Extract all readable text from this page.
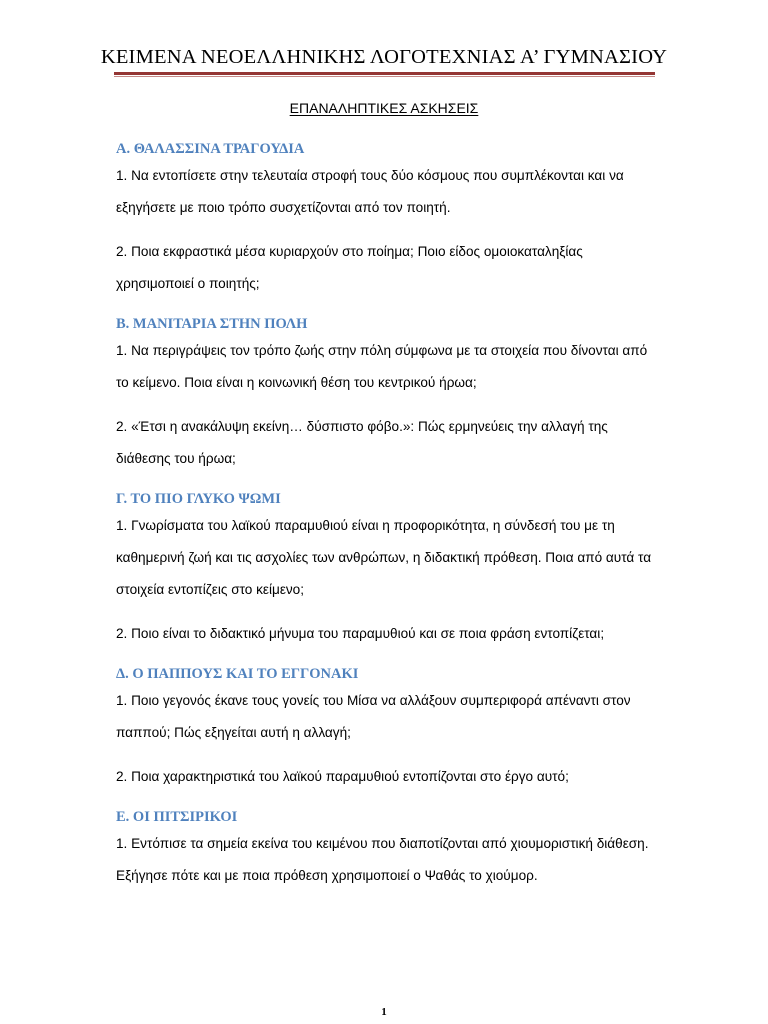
ΚΕΙΜΕΝΑ ΝΕΟΕΛΛΗΝΙΚΗΣ ΛΟΓΟΤΕΧΝΙΑΣ Α’ ΓΥΜΝΑΣΙΟΥ
ΕΠΑΝΑΛΗΠΤΙΚΕΣ ΑΣΚΗΣΕΙΣ
Α. ΘΑΛΑΣΣΙΝΑ ΤΡΑΓΟΥΔΙΑ

1. Να εντοπίσετε στην τελευταία στροφή τους δύο κόσμους που συμπλέκονται και να εξηγήσετε με ποιο τρόπο συσχετίζονται από τον ποιητή.

2. Ποια εκφραστικά μέσα κυριαρχούν στο ποίημα; Ποιο είδος ομοιοκαταληξίας χρησιμοποιεί ο ποιητής;

Β. ΜΑΝΙΤΑΡΙΑ ΣΤΗΝ ΠΟΛΗ

1. Να περιγράψεις τον τρόπο ζωής στην πόλη σύμφωνα με τα στοιχεία που δίνονται από το κείμενο. Ποια είναι η κοινωνική θέση του κεντρικού ήρωα;

2. «Έτσι η ανακάλυψη εκείνη… δύσπιστο φόβο.»: Πώς ερμηνεύεις την αλλαγή της διάθεσης του ήρωα;

Γ. ΤΟ ΠΙΟ ΓΛΥΚΟ ΨΩΜΙ

1. Γνωρίσματα του λαϊκού παραμυθιού είναι η προφορικότητα, η σύνδεσή του με τη καθημερινή ζωή και τις ασχολίες των ανθρώπων, η διδακτική πρόθεση. Ποια από αυτά τα στοιχεία εντοπίζεις στο κείμενο;

2. Ποιο είναι το διδακτικό μήνυμα του παραμυθιού και σε ποια φράση εντοπίζεται;

Δ. Ο ΠΑΠΠΟΥΣ ΚΑΙ ΤΟ ΕΓΓΟΝΑΚΙ

1. Ποιο γεγονός έκανε τους γονείς του Μίσα να αλλάξουν συμπεριφορά απέναντι στον παππού; Πώς εξηγείται αυτή η αλλαγή;

2. Ποια χαρακτηριστικά του λαϊκού παραμυθιού εντοπίζονται στο έργο αυτό;

Ε. ΟΙ ΠΙΤΣΙΡΙΚΟΙ

1. Εντόπισε τα σημεία εκείνα του κειμένου που διαποτίζονται από χιουμοριστική διάθεση. Εξήγησε πότε και με ποια πρόθεση χρησιμοποιεί ο Ψαθάς το χιούμορ.

1
